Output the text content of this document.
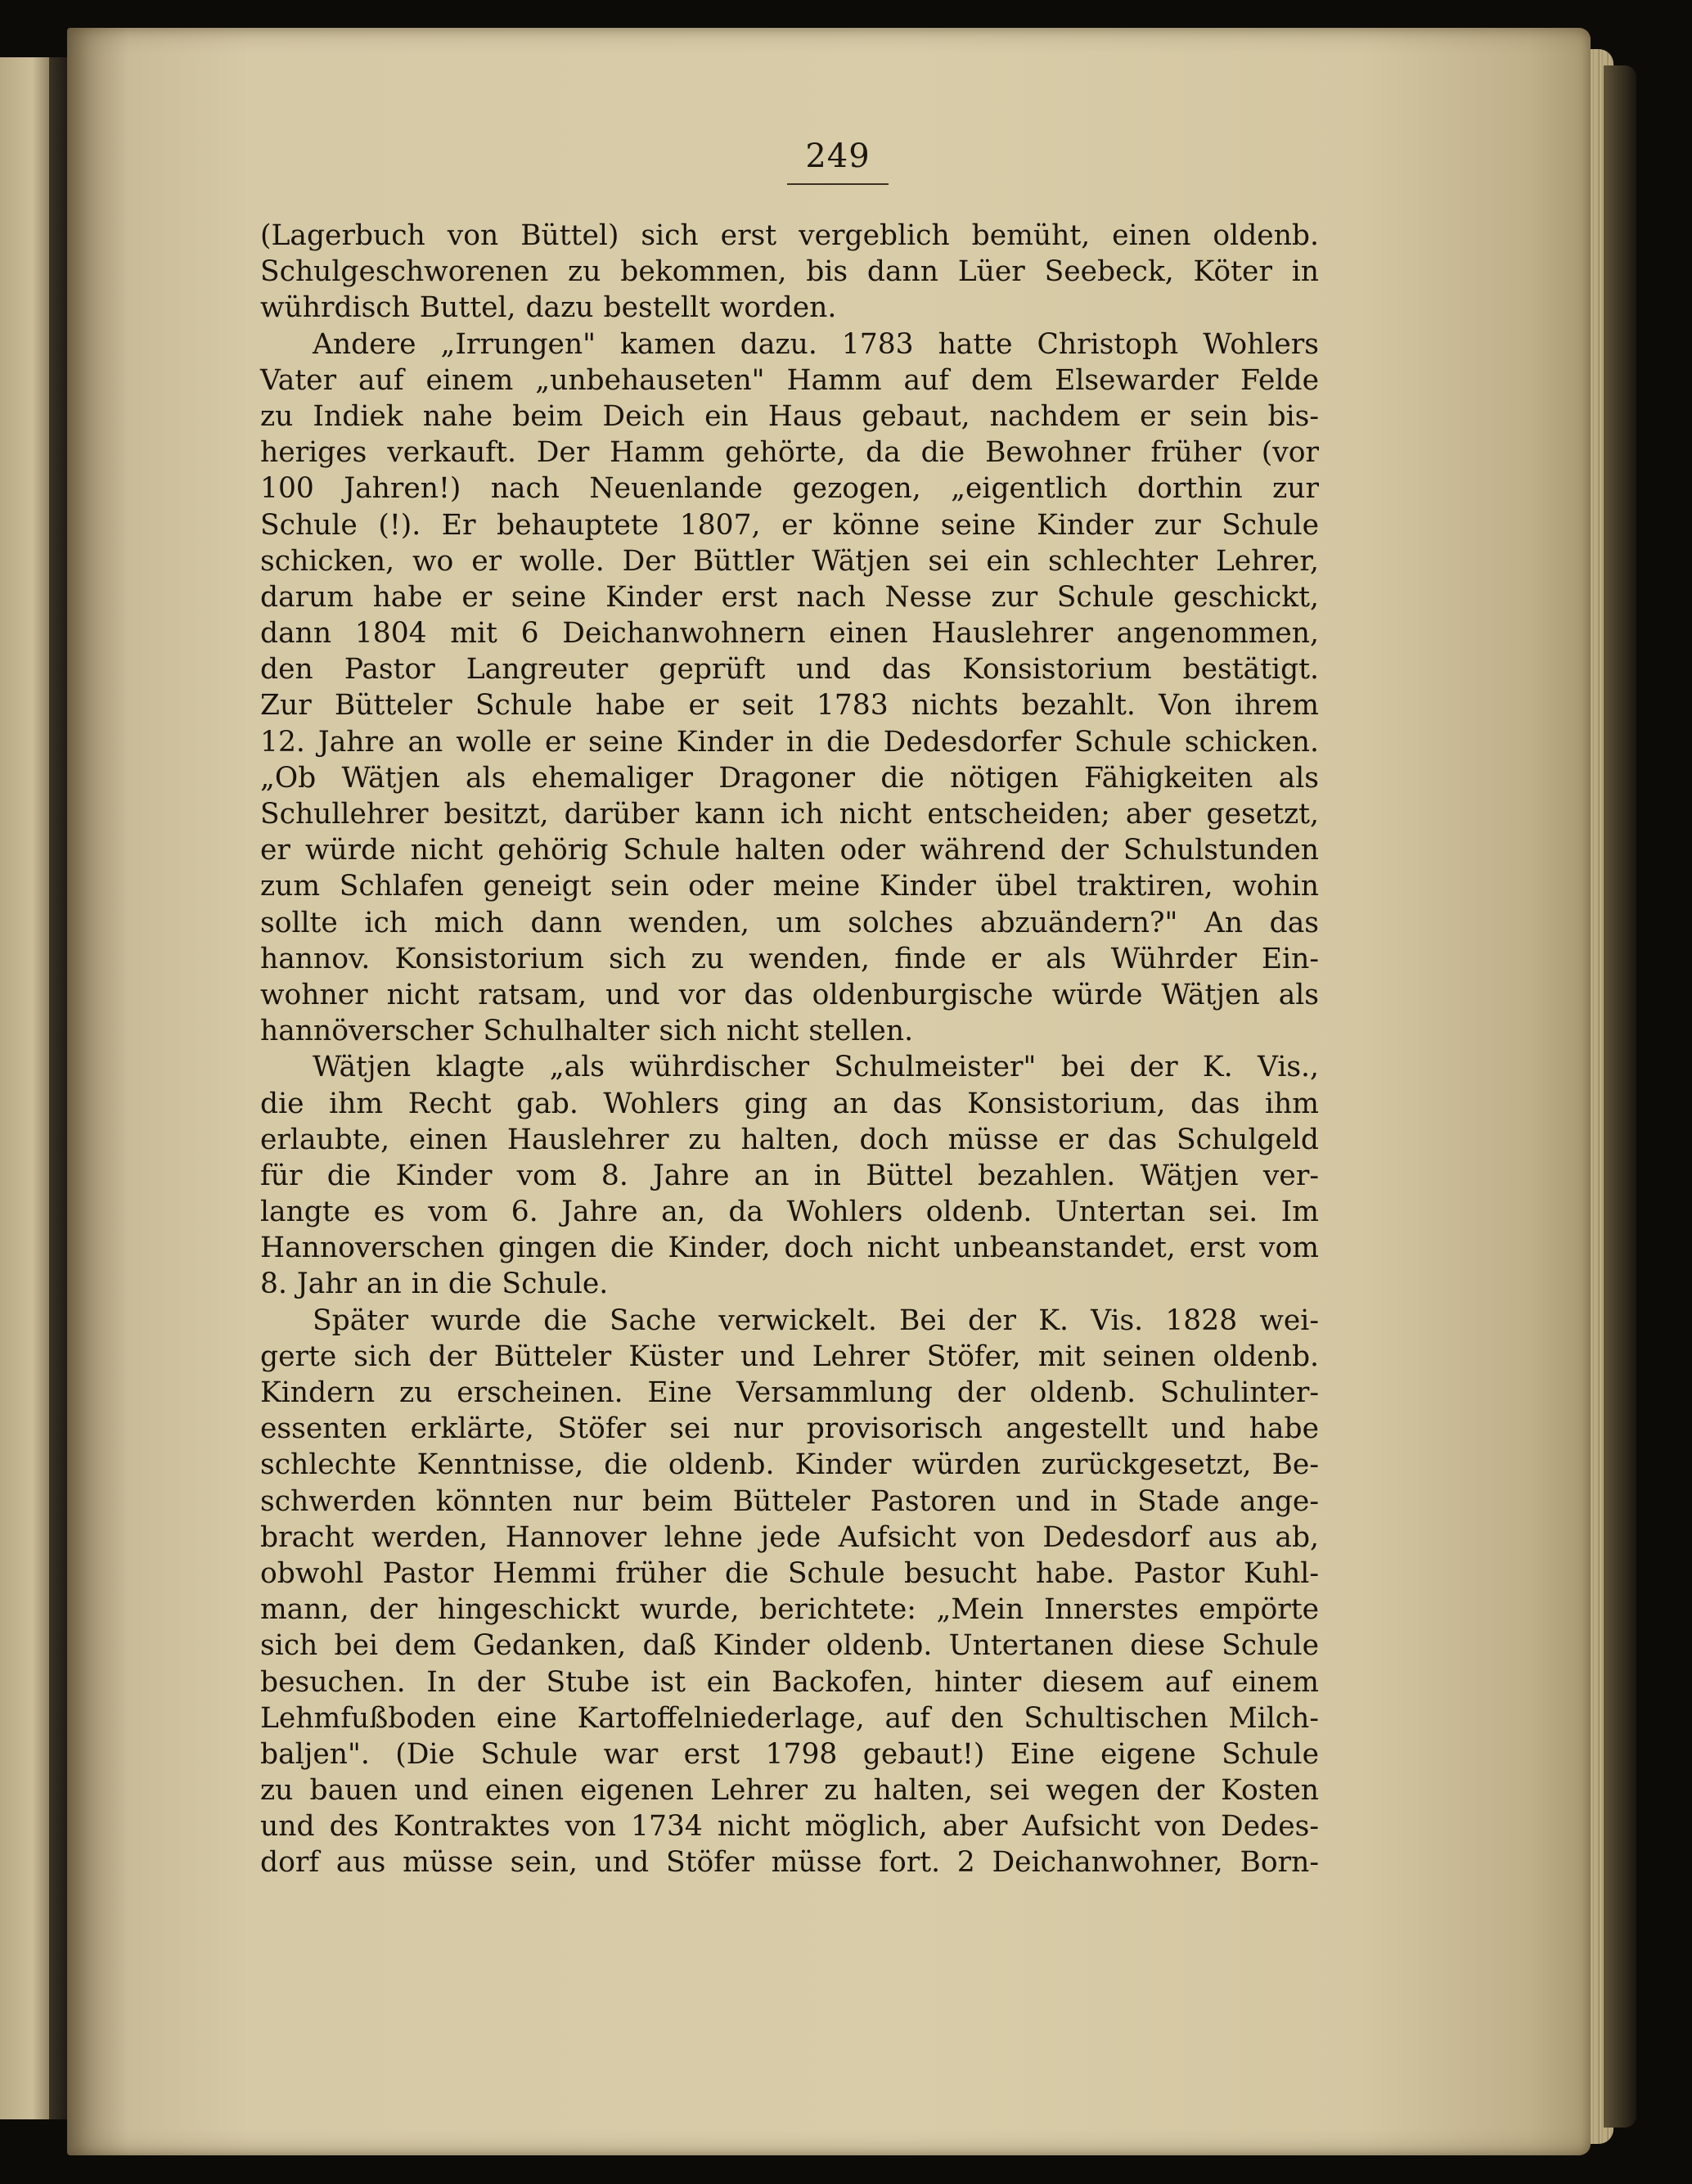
249
(Lagerbuch von Büttel) sich erst vergeblich bemüht, einen oldenb.
Schulgeschworenen zu bekommen, bis dann Lüer Seebeck, Köter in
wührdisch Buttel, dazu bestellt worden.
Andere „Irrungen" kamen dazu. 1783 hatte Christoph Wohlers
Vater auf einem „unbehauseten" Hamm auf dem Elsewarder Felde
zu Indiek nahe beim Deich ein Haus gebaut, nachdem er sein bis-
heriges verkauft. Der Hamm gehörte, da die Bewohner früher (vor
100 Jahren!) nach Neuenlande gezogen, „eigentlich dorthin zur
Schule (!). Er behauptete 1807, er könne seine Kinder zur Schule
schicken, wo er wolle. Der Büttler Wätjen sei ein schlechter Lehrer,
darum habe er seine Kinder erst nach Nesse zur Schule geschickt,
dann 1804 mit 6 Deichanwohnern einen Hauslehrer angenommen,
den Pastor Langreuter geprüft und das Konsistorium bestätigt.
Zur Bütteler Schule habe er seit 1783 nichts bezahlt. Von ihrem
12. Jahre an wolle er seine Kinder in die Dedesdorfer Schule schicken.
„Ob Wätjen als ehemaliger Dragoner die nötigen Fähigkeiten als
Schullehrer besitzt, darüber kann ich nicht entscheiden; aber gesetzt,
er würde nicht gehörig Schule halten oder während der Schulstunden
zum Schlafen geneigt sein oder meine Kinder übel traktiren, wohin
sollte ich mich dann wenden, um solches abzuändern?" An das
hannov. Konsistorium sich zu wenden, finde er als Wührder Ein-
wohner nicht ratsam, und vor das oldenburgische würde Wätjen als
hannöverscher Schulhalter sich nicht stellen.
Wätjen klagte „als wührdischer Schulmeister" bei der K. Vis.,
die ihm Recht gab. Wohlers ging an das Konsistorium, das ihm
erlaubte, einen Hauslehrer zu halten, doch müsse er das Schulgeld
für die Kinder vom 8. Jahre an in Büttel bezahlen. Wätjen ver-
langte es vom 6. Jahre an, da Wohlers oldenb. Untertan sei. Im
Hannoverschen gingen die Kinder, doch nicht unbeanstandet, erst vom
8. Jahr an in die Schule.
Später wurde die Sache verwickelt. Bei der K. Vis. 1828 wei-
gerte sich der Bütteler Küster und Lehrer Stöfer, mit seinen oldenb.
Kindern zu erscheinen. Eine Versammlung der oldenb. Schulinter-
essenten erklärte, Stöfer sei nur provisorisch angestellt und habe
schlechte Kenntnisse, die oldenb. Kinder würden zurückgesetzt, Be-
schwerden könnten nur beim Bütteler Pastoren und in Stade ange-
bracht werden, Hannover lehne jede Aufsicht von Dedesdorf aus ab,
obwohl Pastor Hemmi früher die Schule besucht habe. Pastor Kuhl-
mann, der hingeschickt wurde, berichtete: „Mein Innerstes empörte
sich bei dem Gedanken, daß Kinder oldenb. Untertanen diese Schule
besuchen. In der Stube ist ein Backofen, hinter diesem auf einem
Lehmfußboden eine Kartoffelniederlage, auf den Schultischen Milch-
baljen". (Die Schule war erst 1798 gebaut!) Eine eigene Schule
zu bauen und einen eigenen Lehrer zu halten, sei wegen der Kosten
und des Kontraktes von 1734 nicht möglich, aber Aufsicht von Dedes-
dorf aus müsse sein, und Stöfer müsse fort. 2 Deichanwohner, Born-
